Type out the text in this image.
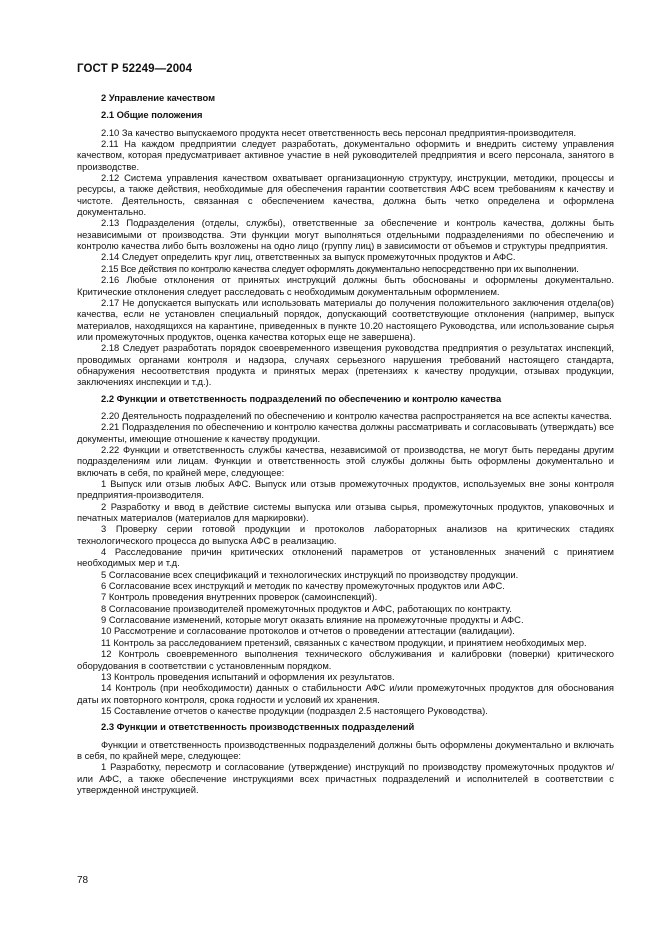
ГОСТ Р 52249—2004
2 Управление качеством
2.1 Общие положения

2.10 За качество выпускаемого продукта несет ответственность весь персонал предприятия-производителя.

2.11 На каждом предприятии следует разработать, документально оформить и внедрить систему управления качеством, которая предусматривает активное участие в ней руководителей предприятия и всего персонала, занятого в производстве.

2.12 Система управления качеством охватывает организационную структуру, инструкции, методики, процессы и ресурсы, а также действия, необходимые для обеспечения гарантии соответствия АФС всем требованиям к качеству и чистоте. Деятельность, связанная с обеспечением качества, должна быть четко определена и оформлена документально.

2.13 Подразделения (отделы, службы), ответственные за обеспечение и контроль качества, должны быть независимыми от производства. Эти функции могут выполняться отдельными подразделениями по обеспечению и контролю качества либо быть возложены на одно лицо (группу лиц) в зависимости от объемов и структуры предприятия.

2.14 Следует определить круг лиц, ответственных за выпуск промежуточных продуктов и АФС.

2.15 Все действия по контролю качества следует оформлять документально непосредственно при их выполнении.

2.16 Любые отклонения от принятых инструкций должны быть обоснованы и оформлены документально. Критические отклонения следует расследовать с необходимым документальным оформлением.

2.17 Не допускается выпускать или использовать материалы до получения положительного заключения отдела(ов) качества, если не установлен специальный порядок, допускающий соответствующие отклонения (например, выпуск материалов, находящихся на карантине, приведенных в пункте 10.20 настоящего Руководства, или использование сырья или промежуточных продуктов, оценка качества которых еще не завершена).

2.18 Следует разработать порядок своевременного извещения руководства предприятия о результатах инспекций, проводимых органами контроля и надзора, случаях серьезного нарушения требований настоящего стандарта, обнаружения несоответствия продукта и принятых мерах (претензиях к качеству продукции, отзывах продукции, заключениях инспекции и т.д.).

2.2 Функции и ответственность подразделений по обеспечению и контролю качества

2.20 Деятельность подразделений по обеспечению и контролю качества распространяется на все аспекты качества.

2.21 Подразделения по обеспечению и контролю качества должны рассматривать и согласовывать (утверждать) все документы, имеющие отношение к качеству продукции.

2.22 Функции и ответственность службы качества, независимой от производства, не могут быть переданы другим подразделениям или лицам. Функции и ответственность этой службы должны быть оформлены документально и включать в себя, по крайней мере, следующее:

1 Выпуск или отзыв любых АФС. Выпуск или отзыв промежуточных продуктов, используемых вне зоны контроля предприятия-производителя.

2 Разработку и ввод в действие системы выпуска или отзыва сырья, промежуточных продуктов, упаковочных и печатных материалов (материалов для маркировки).

3 Проверку серии готовой продукции и протоколов лабораторных анализов на критических стадиях технологического процесса до выпуска АФС в реализацию.

4 Расследование причин критических отклонений параметров от установленных значений с принятием необходимых мер и т.д.

5 Согласование всех спецификаций и технологических инструкций по производству продукции.

6 Согласование всех инструкций и методик по качеству промежуточных продуктов или АФС.

7 Контроль проведения внутренних проверок (самоинспекций).

8 Согласование производителей промежуточных продуктов и АФС, работающих по контракту.

9 Согласование изменений, которые могут оказать влияние на промежуточные продукты и АФС.

10 Рассмотрение и согласование протоколов и отчетов о проведении аттестации (валидации).

11 Контроль за расследованием претензий, связанных с качеством продукции, и принятием необходимых мер.

12 Контроль своевременного выполнения технического обслуживания и калибровки (поверки) критического оборудования в соответствии с установленным порядком.

13 Контроль проведения испытаний и оформления их результатов.

14 Контроль (при необходимости) данных о стабильности АФС и/или промежуточных продуктов для обоснования даты их повторного контроля, срока годности и условий их хранения.

15 Составление отчетов о качестве продукции (подраздел 2.5 настоящего Руководства).

2.3 Функции и ответственность производственных подразделений

Функции и ответственность производственных подразделений должны быть оформлены документально и включать в себя, по крайней мере, следующее:

1 Разработку, пересмотр и согласование (утверждение) инструкций по производству промежуточных продуктов и/или АФС, а также обеспечение инструкциями всех причастных подразделений и исполнителей в соответствии с утвержденной инструкцией.

78
